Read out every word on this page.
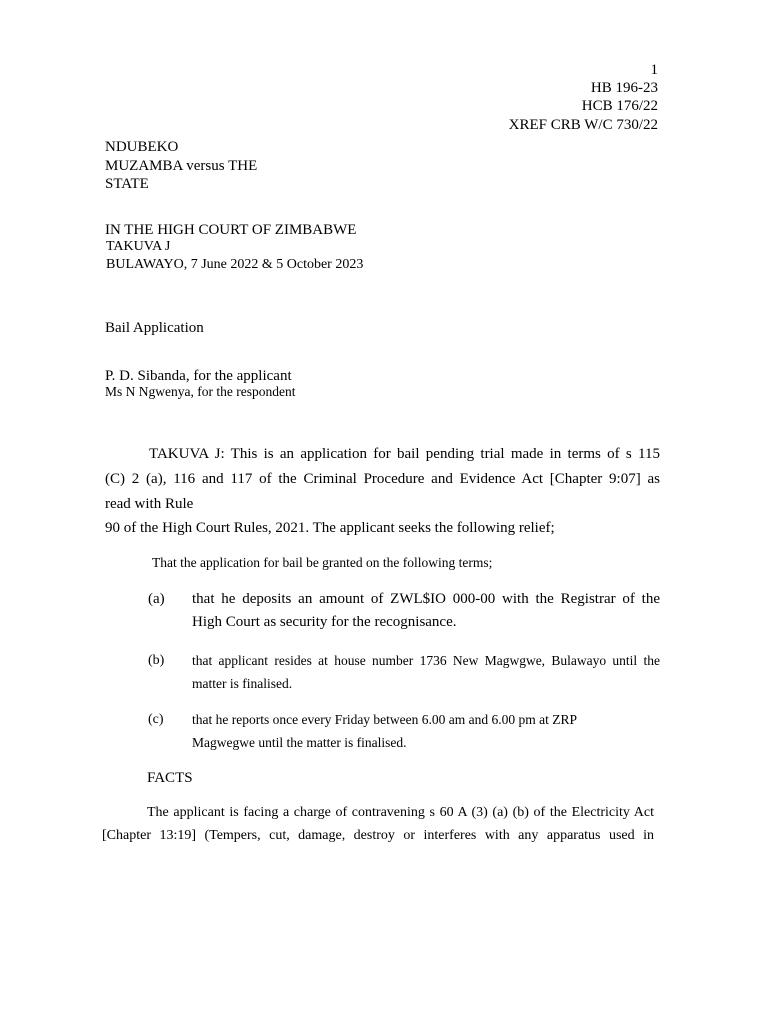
1
HB 196-23
HCB 176/22
XREF CRB W/C 730/22
NDUBEKO
MUZAMBA versus THE
STATE
IN THE HIGH COURT OF ZIMBABWE
TAKUVA J
BULAWAYO, 7 June 2022 & 5 October 2023
Bail Application
P. D. Sibanda, for the applicant
Ms N Ngwenya, for the respondent
TAKUVA J: This is an application for bail pending trial made in terms of s 115
(C) 2 (a), 116 and 117 of the Criminal Procedure and Evidence Act [Chapter 9:07] as
read with Rule
90 of the High Court Rules, 2021. The applicant seeks the following relief;
That the application for bail be granted on the following terms;
(a) that he deposits an amount of ZWL$IO 000-00 with the Registrar of the
High Court as security for the recognisance.
(b) that applicant resides at house number 1736 New Magwgwe, Bulawayo until the
matter is finalised.
(c) that he reports once every Friday between 6.00 am and 6.00 pm at ZRP
Magwegwe until the matter is finalised.
FACTS
The applicant is facing a charge of contravening s 60 A (3) (a) (b) of the Electricity Act
[Chapter 13:19] (Tempers, cut, damage, destroy or interferes with any apparatus used in
